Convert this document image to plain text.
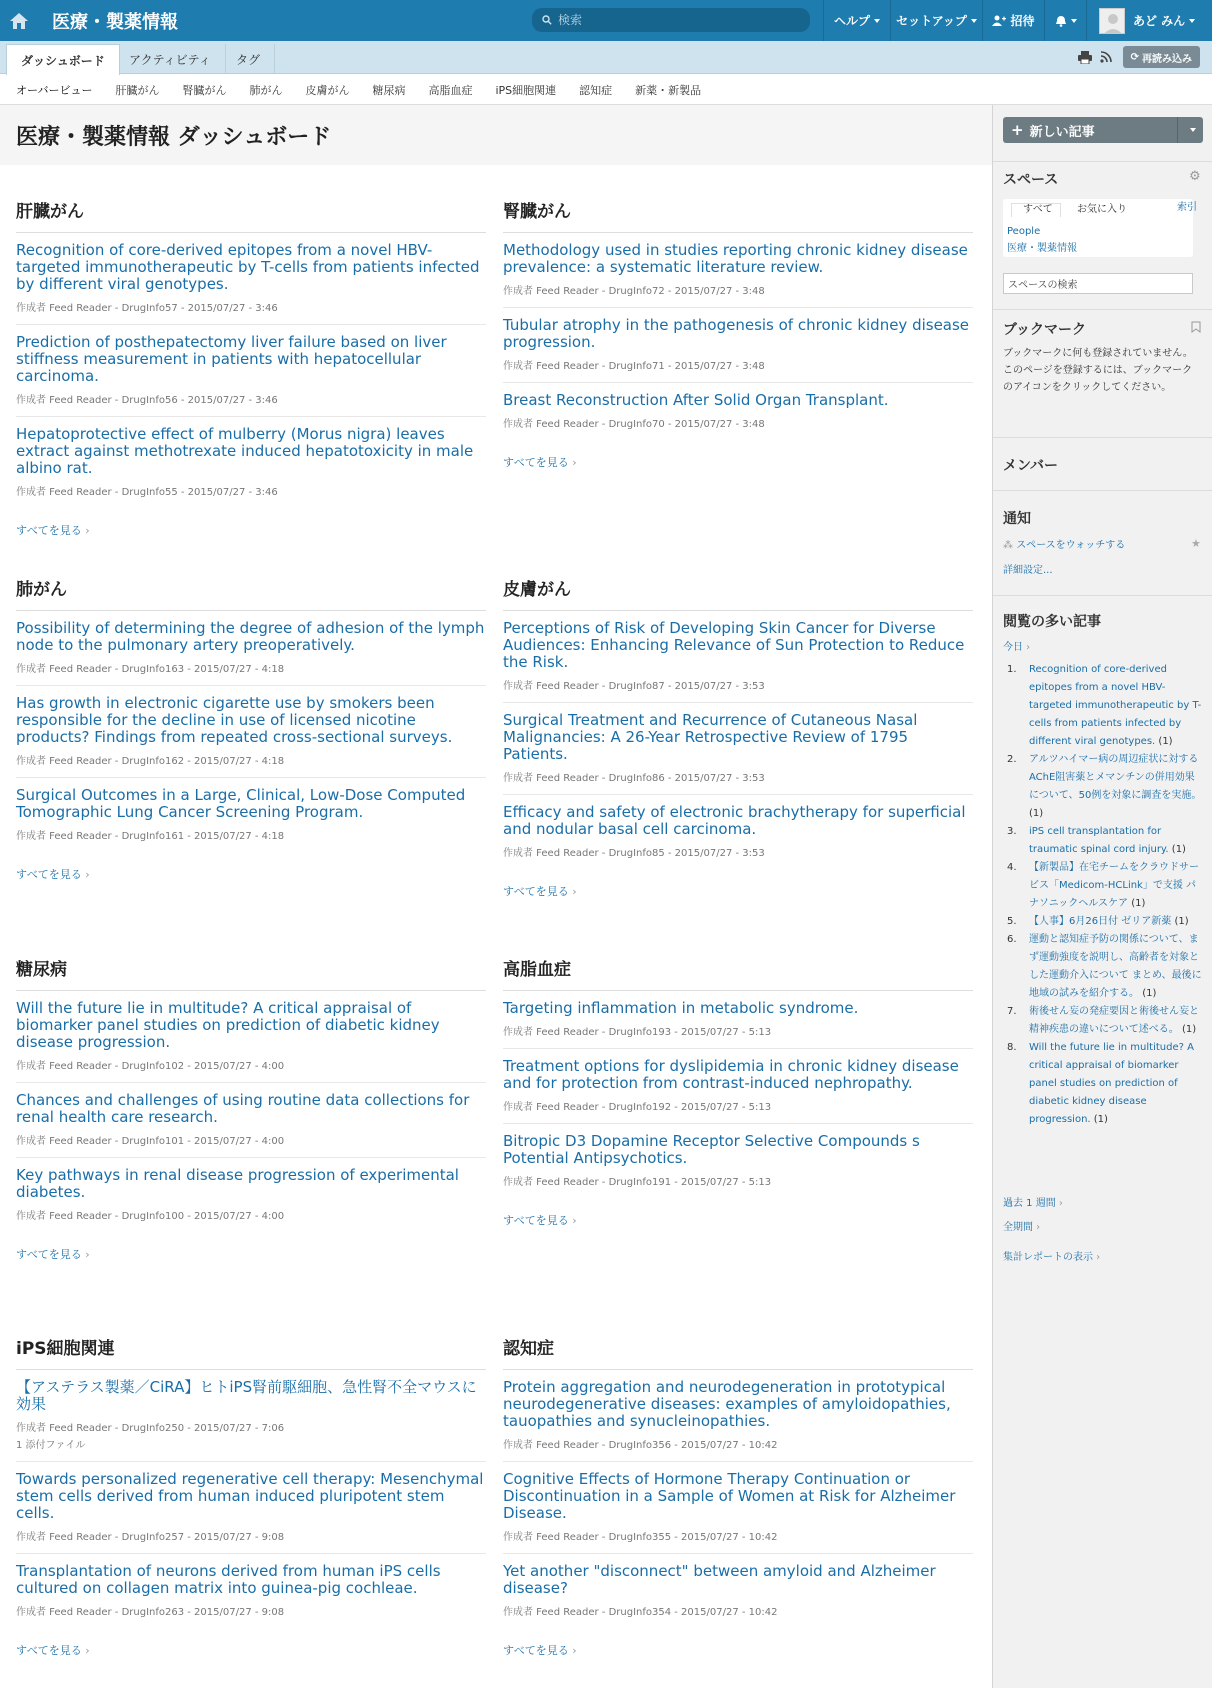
医療・製薬情報
検索	ヘルプ セットアップ	招待	あど みん
ダッシュボード	アクティビティ	タグ	⟳ 再読み込み
オーバービュー 肝臓がん 腎臓がん 肺がん 皮膚がん 糖尿病 高脂血症 iPS細胞関連 認知症 新薬・新製品
医療・製薬情報 ダッシュボード
肝臓がん
Recognition of core-derived epitopes from a novel HBV-targeted immunotherapeutic by T-cells from patients infected by different viral genotypes.
作成者 Feed Reader - DrugInfo57 - 2015/07/27 - 3:46
Prediction of posthepatectomy liver failure based on liver stiffness measurement in patients with hepatocellular carcinoma.
作成者 Feed Reader - DrugInfo56 - 2015/07/27 - 3:46
Hepatoprotective effect of mulberry (Morus nigra) leaves extract against methotrexate induced hepatotoxicity in male albino rat.
作成者 Feed Reader - DrugInfo55 - 2015/07/27 - 3:46
すべてを見る ›
腎臓がん
Methodology used in studies reporting chronic kidney disease prevalence: a systematic literature review.
作成者 Feed Reader - DrugInfo72 - 2015/07/27 - 3:48
Tubular atrophy in the pathogenesis of chronic kidney disease progression.
作成者 Feed Reader - DrugInfo71 - 2015/07/27 - 3:48
Breast Reconstruction After Solid Organ Transplant.
作成者 Feed Reader - DrugInfo70 - 2015/07/27 - 3:48
すべてを見る ›
肺がん
Possibility of determining the degree of adhesion of the lymph node to the pulmonary artery preoperatively.
作成者 Feed Reader - DrugInfo163 - 2015/07/27 - 4:18
Has growth in electronic cigarette use by smokers been responsible for the decline in use of licensed nicotine products? Findings from repeated cross-sectional surveys.
作成者 Feed Reader - DrugInfo162 - 2015/07/27 - 4:18
Surgical Outcomes in a Large, Clinical, Low-Dose Computed Tomographic Lung Cancer Screening Program.
作成者 Feed Reader - DrugInfo161 - 2015/07/27 - 4:18
すべてを見る ›
皮膚がん
Perceptions of Risk of Developing Skin Cancer for Diverse Audiences: Enhancing Relevance of Sun Protection to Reduce the Risk.
作成者 Feed Reader - DrugInfo87 - 2015/07/27 - 3:53
Surgical Treatment and Recurrence of Cutaneous Nasal Malignancies: A 26-Year Retrospective Review of 1795 Patients.
作成者 Feed Reader - DrugInfo86 - 2015/07/27 - 3:53
Efficacy and safety of electronic brachytherapy for superficial and nodular basal cell carcinoma.
作成者 Feed Reader - DrugInfo85 - 2015/07/27 - 3:53
すべてを見る ›
糖尿病
Will the future lie in multitude? A critical appraisal of biomarker panel studies on prediction of diabetic kidney disease progression.
作成者 Feed Reader - DrugInfo102 - 2015/07/27 - 4:00
Chances and challenges of using routine data collections for renal health care research.
作成者 Feed Reader - DrugInfo101 - 2015/07/27 - 4:00
Key pathways in renal disease progression of experimental diabetes.
作成者 Feed Reader - DrugInfo100 - 2015/07/27 - 4:00
すべてを見る ›
高脂血症
Targeting inflammation in metabolic syndrome.
作成者 Feed Reader - DrugInfo193 - 2015/07/27 - 5:13
Treatment options for dyslipidemia in chronic kidney disease and for protection from contrast-induced nephropathy.
作成者 Feed Reader - DrugInfo192 - 2015/07/27 - 5:13
Bitropic D3 Dopamine Receptor Selective Compounds s Potential Antipsychotics.
作成者 Feed Reader - DrugInfo191 - 2015/07/27 - 5:13
すべてを見る ›
iPS細胞関連
【アステラス製薬／CiRA】ヒトiPS腎前駆細胞、急性腎不全マウスに効果
作成者 Feed Reader - DrugInfo250 - 2015/07/27 - 7:06
1 添付ファイル
Towards personalized regenerative cell therapy: Mesenchymal stem cells derived from human induced pluripotent stem cells.
作成者 Feed Reader - DrugInfo257 - 2015/07/27 - 9:08
Transplantation of neurons derived from human iPS cells cultured on collagen matrix into guinea-pig cochleae.
作成者 Feed Reader - DrugInfo263 - 2015/07/27 - 9:08
すべてを見る ›
認知症
Protein aggregation and neurodegeneration in prototypical neurodegenerative diseases: examples of amyloidopathies, tauopathies and synucleinopathies.
作成者 Feed Reader - DrugInfo356 - 2015/07/27 - 10:42
Cognitive Effects of Hormone Therapy Continuation or Discontinuation in a Sample of Women at Risk for Alzheimer Disease.
作成者 Feed Reader - DrugInfo355 - 2015/07/27 - 10:42
Yet another "disconnect" between amyloid and Alzheimer disease?
作成者 Feed Reader - DrugInfo354 - 2015/07/27 - 10:42
すべてを見る ›
+ 新しい記事
スペース	⚙
すべて お気に入り	索引
People
医療・製薬情報
スペースの検索
ブックマーク
ブックマークに何も登録されていません。このページを登録するには、ブックマークのアイコンをクリックしてください。
メンバー
通知
⁂ スペースをウォッチする	★
詳細設定...
閲覧の多い記事
今日 ›
1. Recognition of core-derived epitopes from a novel HBV-targeted immunotherapeutic by T-cells from patients infected by different viral genotypes. (1)
2. アルツハイマー病の周辺症状に対するAChE阻害薬とメマンチンの併用効果について、50例を対象に調査を実施。 (1)
3. iPS cell transplantation for traumatic spinal cord injury. (1)
4. 【新製品】在宅チームをクラウドサービス「Medicom-HCLink」で支援 パナソニックヘルスケア (1)
5. 【人事】6月26日付 ゼリア新薬 (1)
6. 運動と認知症予防の関係について、まず運動強度を説明し、高齢者を対象とした運動介入について まとめ、最後に地域の試みを紹介する。 (1)
7. 術後せん妄の発症要因と術後せん妄と精神疾患の違いについて述べる。 (1)
8. Will the future lie in multitude? A critical appraisal of biomarker panel studies on prediction of diabetic kidney disease progression. (1)
過去 1 週間 ›
全期間 ›
集計レポートの表示 ›
